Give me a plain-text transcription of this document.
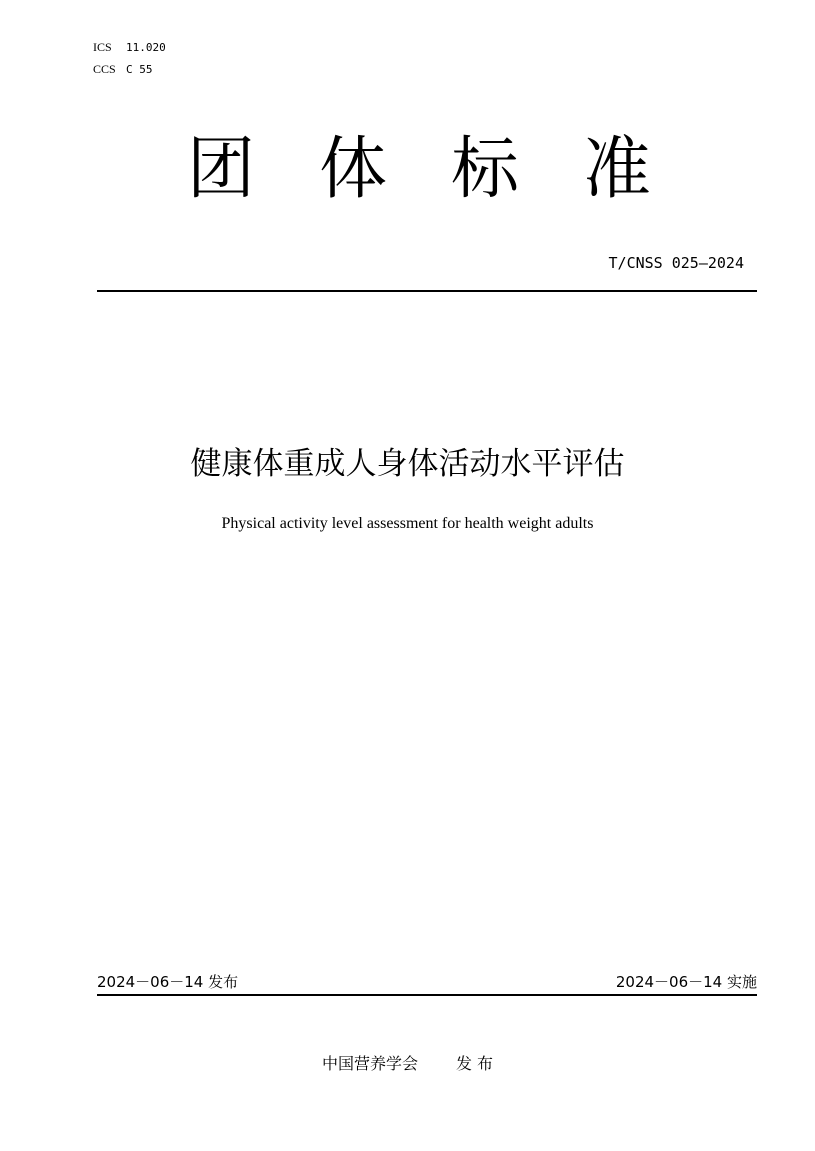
ICS 11.020
CCS C 55
团 体 标 准
T/CNSS 025—2024
健康体重成人身体活动水平评估
Physical activity level assessment for health weight adults
2024－06－14 发布	2024－06－14 实施
中国营养学会 发 布
